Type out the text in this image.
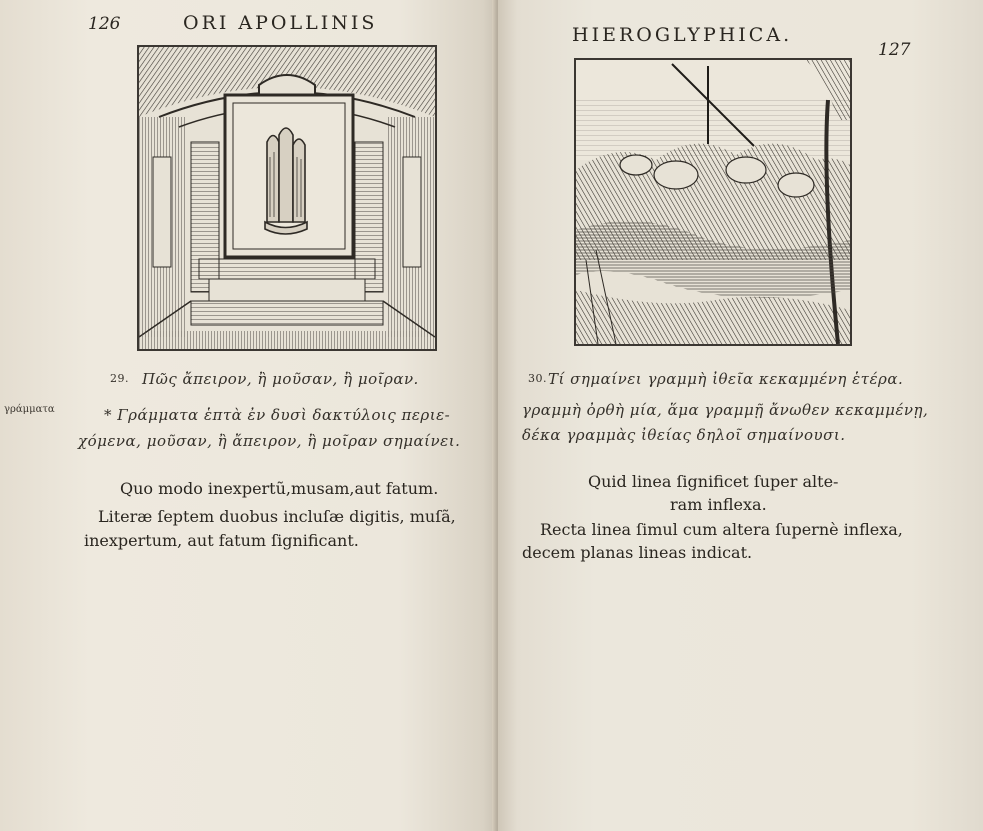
126	ORI APOLLINIS
γράμματα
29. Πῶς ἄπειρον, ἢ μοῦσαν, ἢ μοῖραν.
* Γράμματα ἑπτὰ ἐν δυσὶ δακτύλοις περιε-
χόμενα, μοῦσαν, ἢ ἄπειρον, ἢ μοῖραν σημαίνει.
Quo modo inexpertũ,musam,aut fatum.
Literæ ſeptem duobus incluſæ digitis, muſã,
inexpertum, aut fatum ſignificant.
HIEROGLYPHICA.
127
30. Τί σημαίνει γραμμὴ ἰθεῖα κεκαμμένη ἑτέρα.
γραμμὴ ὀρθὴ μία, ἅμα γραμμῇ ἄνωθεν κεκαμμένῃ,
δέκα γραμμὰς ἰθείας δηλοῖ σημαίνουσι.
Quid linea ſignificet ſuper alte-
ram inflexa.
Recta linea ſimul cum altera ſupernè inflexa,
decem planas lineas indicat.
